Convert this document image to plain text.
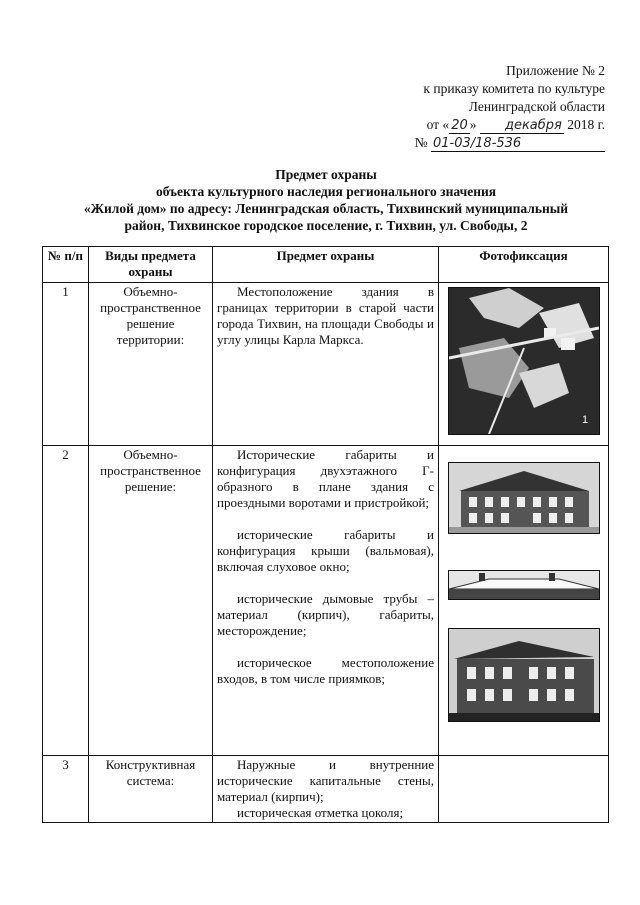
Приложение № 2
к приказу комитета по культуре
Ленинградской области
от « 20 » декабря 2018 г.
№ 01-03/18-536
Предмет охраны
объекта культурного наследия регионального значения
«Жилой дом» по адресу: Ленинградская область, Тихвинский муниципальный
район, Тихвинское городское поселение, г. Тихвин, ул. Свободы, 2
№ п/п	Виды предмета охраны	Предмет охраны	Фотофиксация
1	Объемно-пространственное решение территории:	Местоположение здания в границах территории в старой части города Тихвин, на площади Свободы и углу улицы Карла Маркса.	1

2	Объемно-пространственное решение:	Исторические габариты и конфигурация двухэтажного Г-образного в плане здания с проездными воротами и пристройкой;

исторические габариты и конфигурация крыши (вальмовая), включая слуховое окно;

исторические дымовые трубы – материал (кирпич), габариты, месторождение;

историческое местоположение входов, в том числе приямков;

3	Конструктивная система:	Наружные и внутренние исторические капитальные стены, материал (кирпич);

историческая отметка цоколя;	
